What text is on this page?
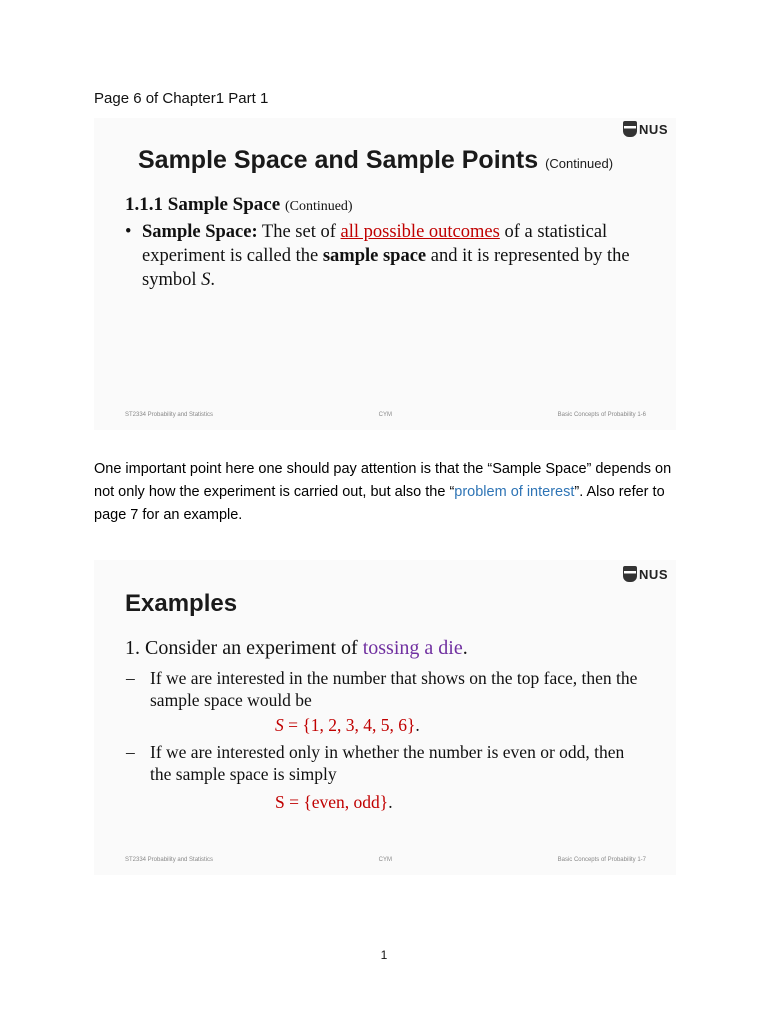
Page 6 of Chapter1 Part 1
NUS
Sample Space and Sample Points (Continued)
1.1.1 Sample Space (Continued)
• Sample Space: The set of all possible outcomes of a statistical experiment is called the sample space and it is represented by the symbol S.
ST2334 Probability and Statistics	CYM	Basic Concepts of Probability 1-6
One important point here one should pay attention is that the “Sample Space” depends on not only how the experiment is carried out, but also the “problem of interest”. Also refer to page 7 for an example.
NUS
Examples
1. Consider an experiment of tossing a die.
– If we are interested in the number that shows on the top face, then the sample space would be
S = {1, 2, 3, 4, 5, 6}.
– If we are interested only in whether the number is even or odd, then the sample space is simply
S = {even, odd}.
ST2334 Probability and Statistics	CYM	Basic Concepts of Probability 1-7
1
